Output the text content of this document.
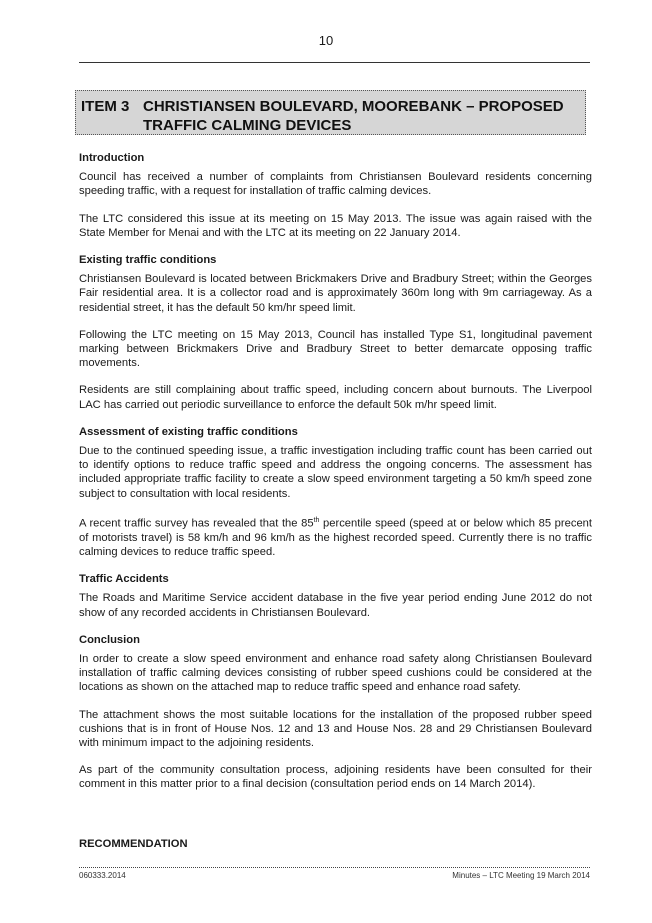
10
ITEM 3 CHRISTIANSEN BOULEVARD, MOOREBANK – PROPOSED TRAFFIC CALMING DEVICES
Introduction

Council has received a number of complaints from Christiansen Boulevard residents concerning speeding traffic, with a request for installation of traffic calming devices.

The LTC considered this issue at its meeting on 15 May 2013. The issue was again raised with the State Member for Menai and with the LTC at its meeting on 22 January 2014.

Existing traffic conditions

Christiansen Boulevard is located between Brickmakers Drive and Bradbury Street; within the Georges Fair residential area. It is a collector road and is approximately 360m long with 9m carriageway. As a residential street, it has the default 50 km/hr speed limit.

Following the LTC meeting on 15 May 2013, Council has installed Type S1, longitudinal pavement marking between Brickmakers Drive and Bradbury Street to better demarcate opposing traffic movements.

Residents are still complaining about traffic speed, including concern about burnouts. The Liverpool LAC has carried out periodic surveillance to enforce the default 50k m/hr speed limit.

Assessment of existing traffic conditions

Due to the continued speeding issue, a traffic investigation including traffic count has been carried out to identify options to reduce traffic speed and address the ongoing concerns. The assessment has included appropriate traffic facility to create a slow speed environment targeting a 50 km/h speed zone subject to consultation with local residents.

A recent traffic survey has revealed that the 85th percentile speed (speed at or below which 85 precent of motorists travel) is 58 km/h and 96 km/h as the highest recorded speed. Currently there is no traffic calming devices to reduce traffic speed.

Traffic Accidents

The Roads and Maritime Service accident database in the five year period ending June 2012 do not show of any recorded accidents in Christiansen Boulevard.

Conclusion

In order to create a slow speed environment and enhance road safety along Christiansen Boulevard installation of traffic calming devices consisting of rubber speed cushions could be considered at the locations as shown on the attached map to reduce traffic speed and enhance road safety.

The attachment shows the most suitable locations for the installation of the proposed rubber speed cushions that is in front of House Nos. 12 and 13 and House Nos. 28 and 29 Christiansen Boulevard with minimum impact to the adjoining residents.

As part of the community consultation process, adjoining residents have been consulted for their comment in this matter prior to a final decision (consultation period ends on 14 March 2014).

RECOMMENDATION
060333.2014	Minutes – LTC Meeting 19 March 2014
